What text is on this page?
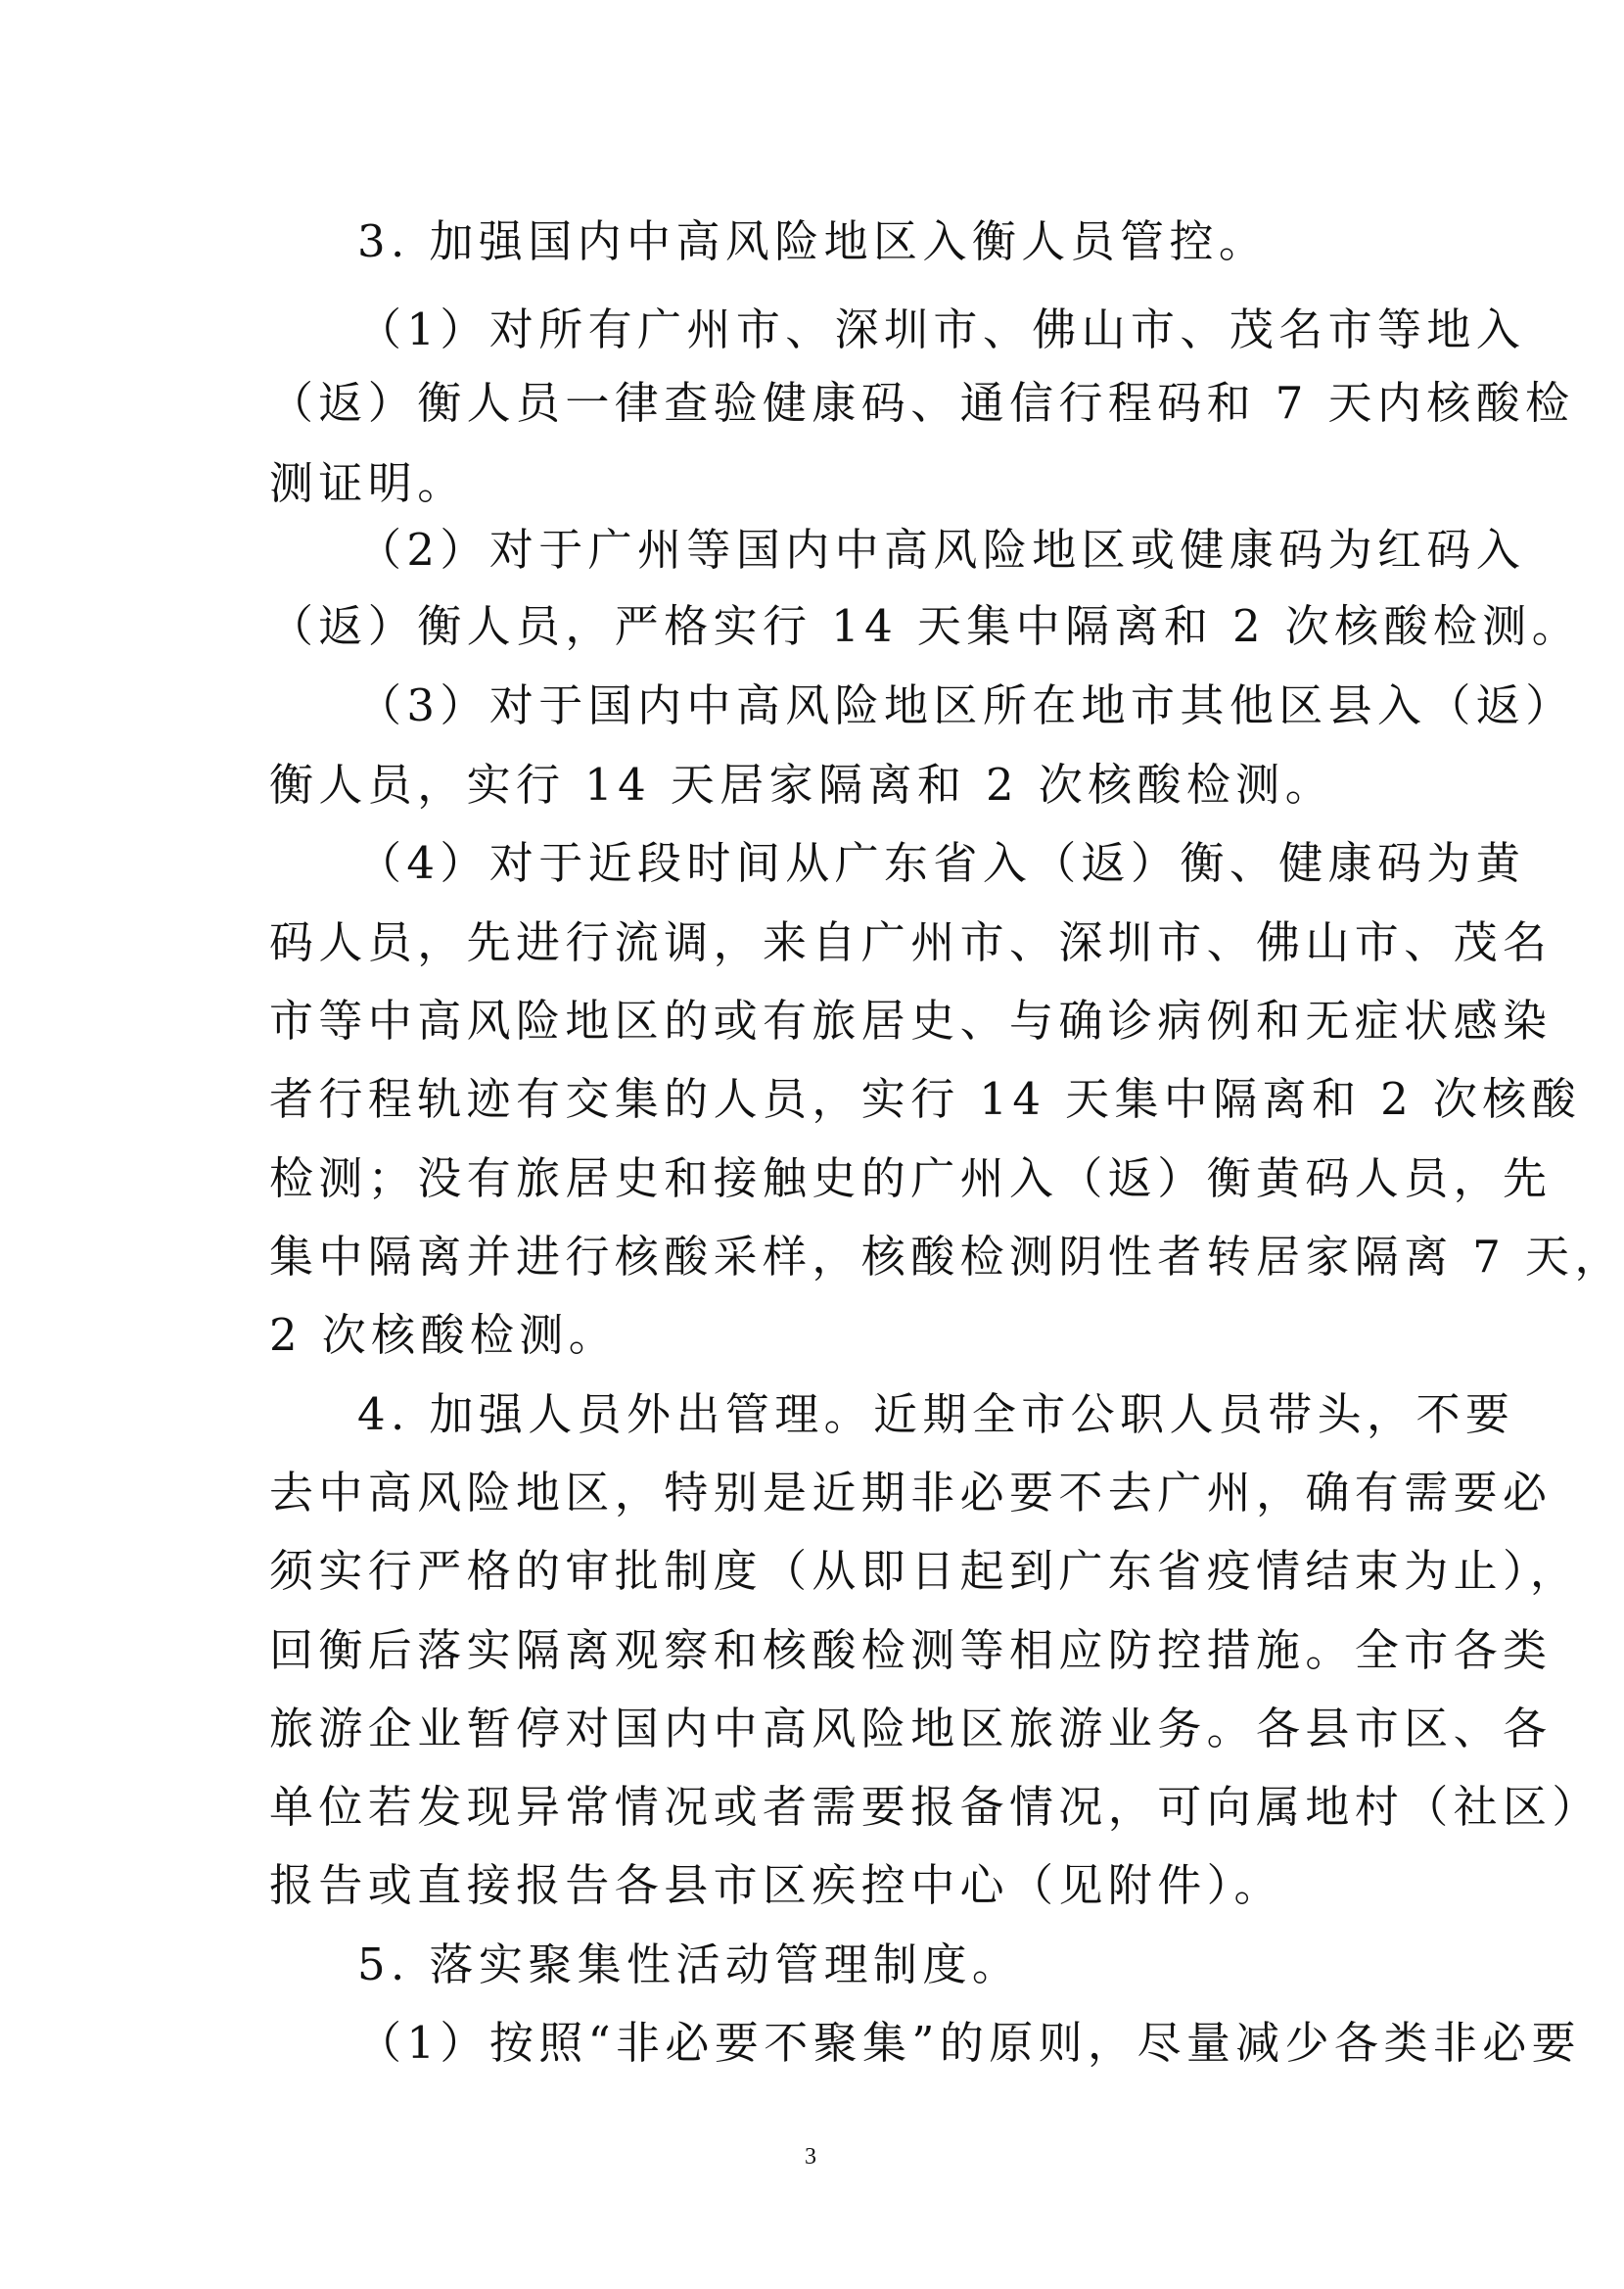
3. 加强国内中高风险地区入衡人员管控。
（1）对所有广州市、深圳市、佛山市、茂名市等地入
（返）衡人员一律查验健康码、通信行程码和 7 天内核酸检
测证明。
（2）对于广州等国内中高风险地区或健康码为红码入
（返）衡人员，严格实行 14 天集中隔离和 2 次核酸检测。
（3）对于国内中高风险地区所在地市其他区县入（返）
衡人员，实行 14 天居家隔离和 2 次核酸检测。
（4）对于近段时间从广东省入（返）衡、健康码为黄
码人员，先进行流调，来自广州市、深圳市、佛山市、茂名
市等中高风险地区的或有旅居史、与确诊病例和无症状感染
者行程轨迹有交集的人员，实行 14 天集中隔离和 2 次核酸
检测；没有旅居史和接触史的广州入（返）衡黄码人员，先
集中隔离并进行核酸采样，核酸检测阴性者转居家隔离 7 天，
2 次核酸检测。
4. 加强人员外出管理。近期全市公职人员带头，不要
去中高风险地区，特别是近期非必要不去广州，确有需要必
须实行严格的审批制度（从即日起到广东省疫情结束为止），
回衡后落实隔离观察和核酸检测等相应防控措施。全市各类
旅游企业暂停对国内中高风险地区旅游业务。各县市区、各
单位若发现异常情况或者需要报备情况，可向属地村（社区）
报告或直接报告各县市区疾控中心（见附件）。
5. 落实聚集性活动管理制度。
（1）按照“非必要不聚集”的原则，尽量减少各类非必要
3
